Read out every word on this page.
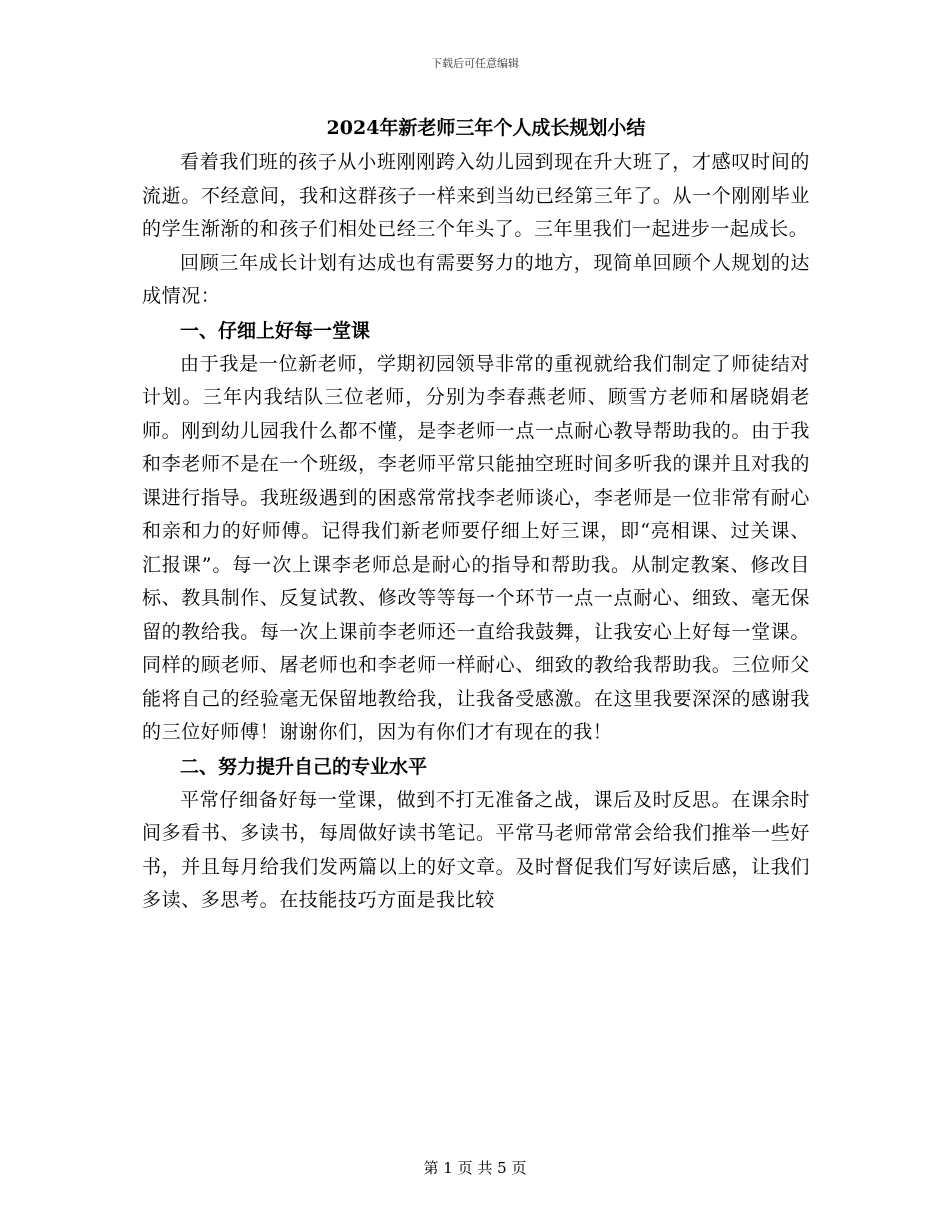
下载后可任意编辑
2024年新老师三年个人成长规划小结

看着我们班的孩子从小班刚刚跨入幼儿园到现在升大班了，才感叹时间的流逝。不经意间，我和这群孩子一样来到当幼已经第三年了。从一个刚刚毕业的学生渐渐的和孩子们相处已经三个年头了。三年里我们一起进步一起成长。

回顾三年成长计划有达成也有需要努力的地方，现简单回顾个人规划的达成情况：

一、仔细上好每一堂课

由于我是一位新老师，学期初园领导非常的重视就给我们制定了师徒结对计划。三年内我结队三位老师，分别为李春燕老师、顾雪方老师和屠晓娟老师。刚到幼儿园我什么都不懂，是李老师一点一点耐心教导帮助我的。由于我和李老师不是在一个班级，李老师平常只能抽空班时间多听我的课并且对我的课进行指导。我班级遇到的困惑常常找李老师谈心，李老师是一位非常有耐心和亲和力的好师傅。记得我们新老师要仔细上好三课，即“亮相课、过关课、汇报课”。每一次上课李老师总是耐心的指导和帮助我。从制定教案、修改目标、教具制作、反复试教、修改等等每一个环节一点一点耐心、细致、毫无保留的教给我。每一次上课前李老师还一直给我鼓舞，让我安心上好每一堂课。同样的顾老师、屠老师也和李老师一样耐心、细致的教给我帮助我。三位师父能将自己的经验毫无保留地教给我，让我备受感激。在这里我要深深的感谢我的三位好师傅！谢谢你们，因为有你们才有现在的我！

二、努力提升自己的专业水平

平常仔细备好每一堂课，做到不打无准备之战，课后及时反思。在课余时间多看书、多读书，每周做好读书笔记。平常马老师常常会给我们推举一些好书，并且每月给我们发两篇以上的好文章。及时督促我们写好读后感，让我们多读、多思考。在技能技巧方面是我比较

第 1 页 共 5 页
